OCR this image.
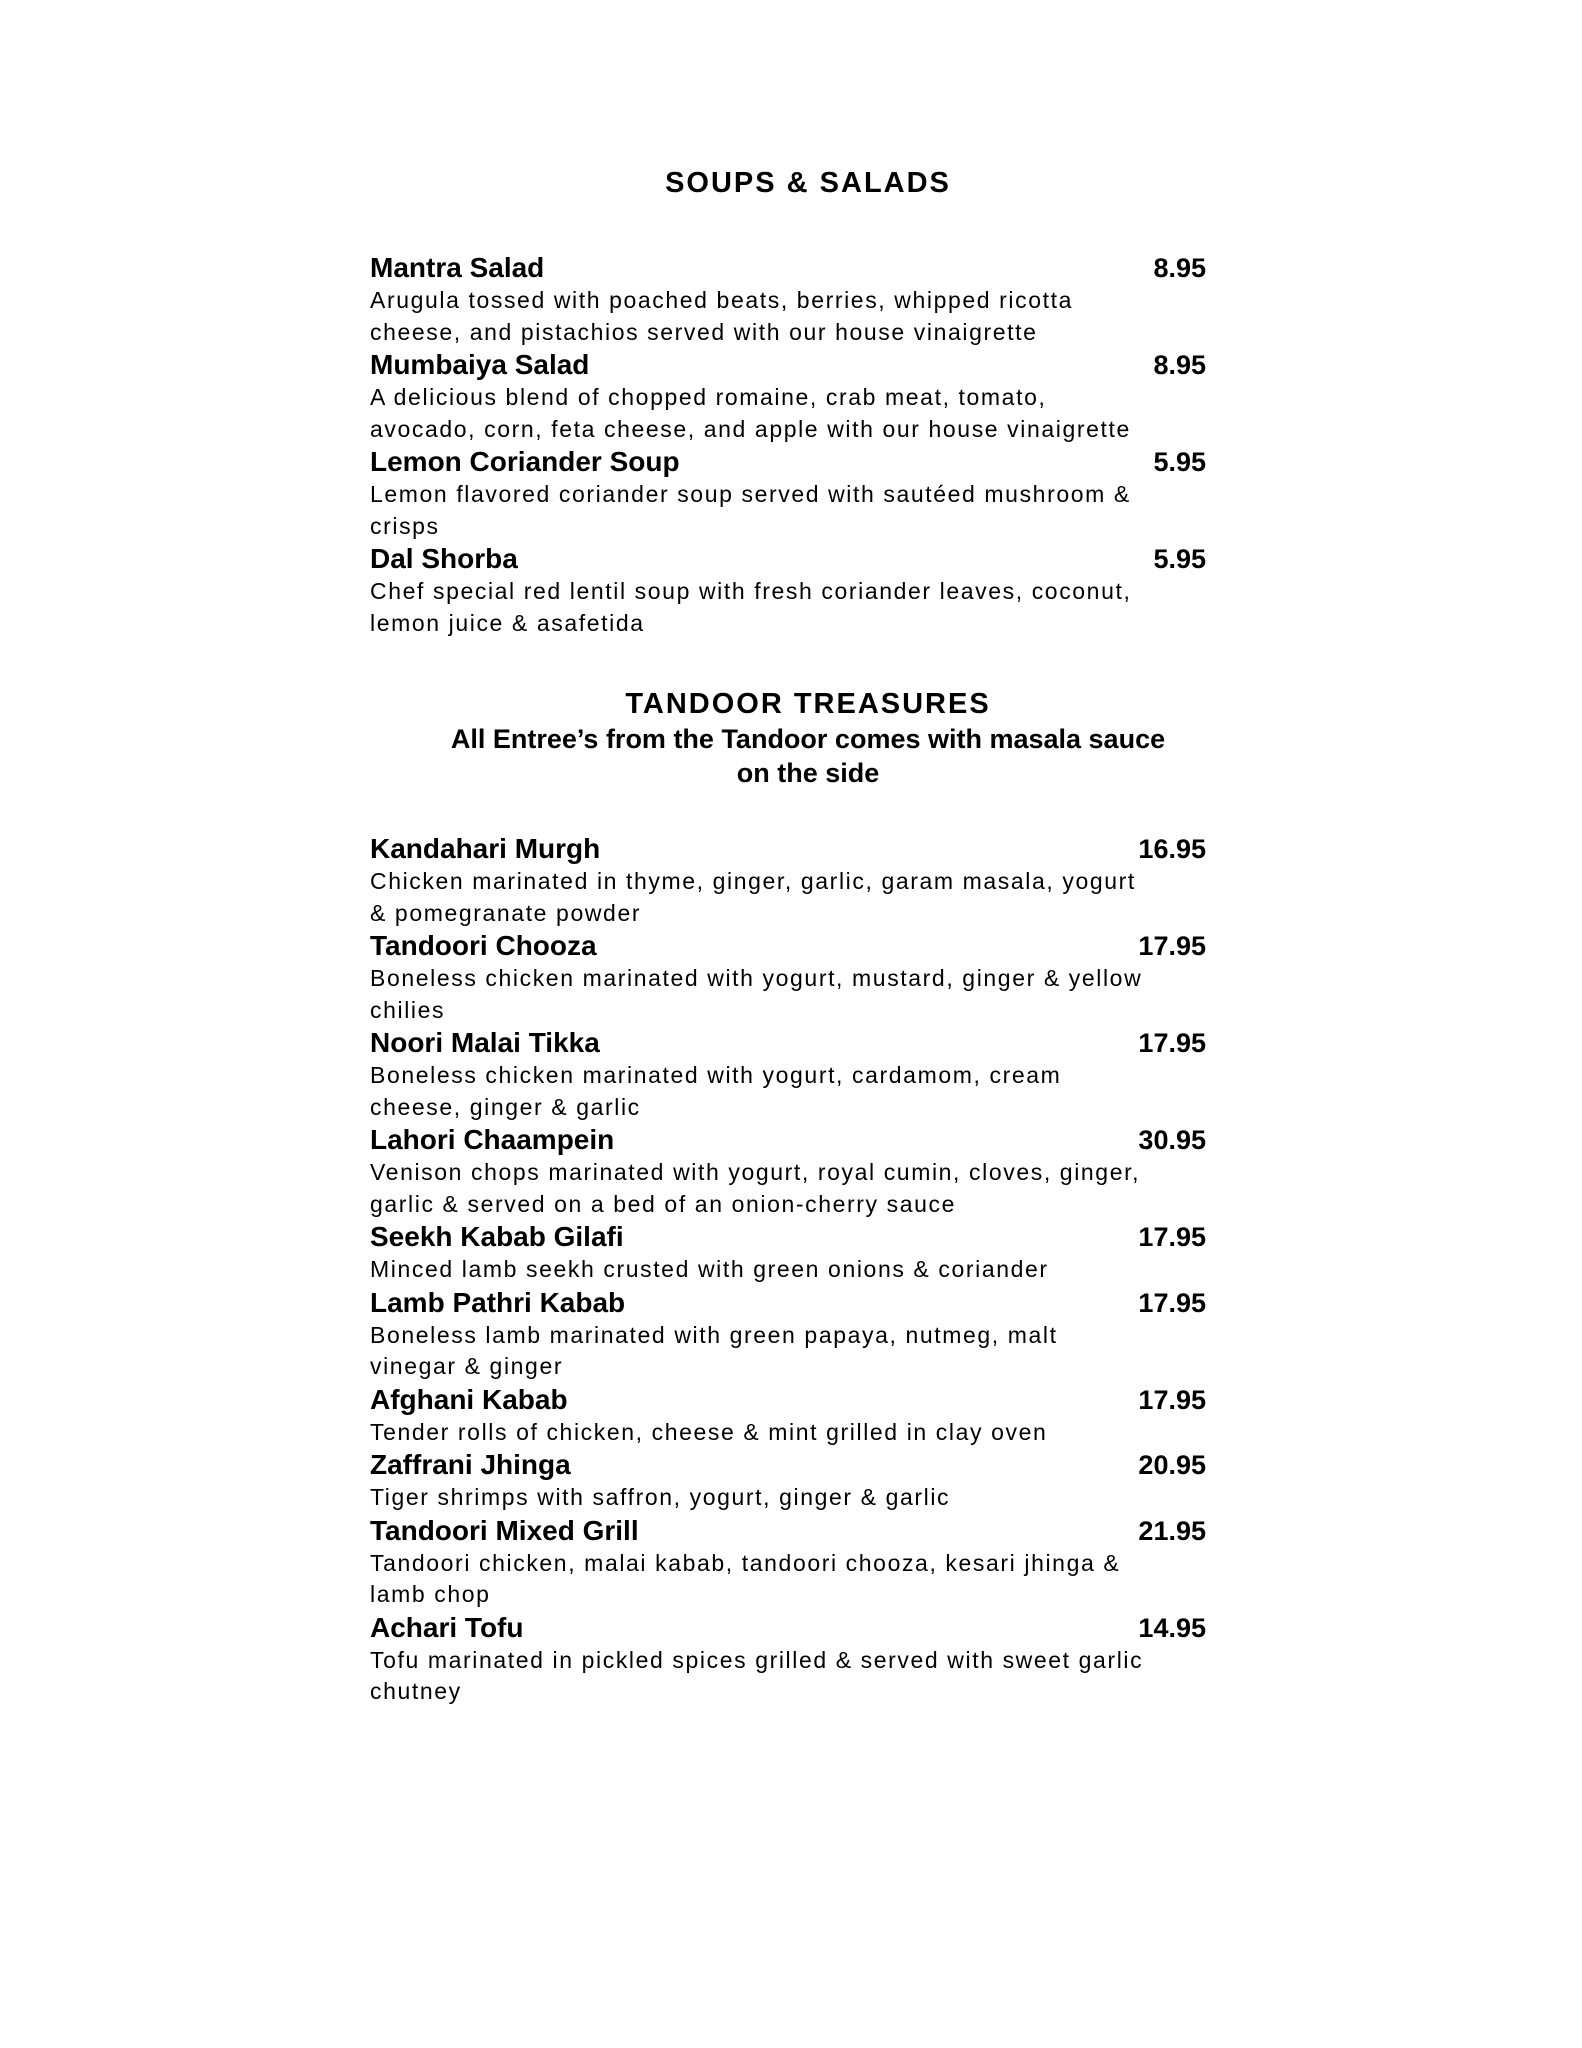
SOUPS & SALADS
Mantra Salad	8.95

Arugula tossed with poached beats, berries, whipped ricotta cheese, and pistachios served with our house vinaigrette

Mumbaiya Salad	8.95

A delicious blend of chopped romaine, crab meat, tomato, avocado, corn, feta cheese, and apple with our house vinaigrette

Lemon Coriander Soup	5.95

Lemon flavored coriander soup served with sautéed mushroom & crisps

Dal Shorba	5.95

Chef special red lentil soup with fresh coriander leaves, coconut, lemon juice & asafetida

TANDOOR TREASURES

All Entree’s from the Tandoor comes with masala sauce on the side

Kandahari Murgh	16.95

Chicken marinated in thyme, ginger, garlic, garam masala, yogurt & pomegranate powder

Tandoori Chooza	17.95

Boneless chicken marinated with yogurt, mustard, ginger & yellow chilies

Noori Malai Tikka	17.95

Boneless chicken marinated with yogurt, cardamom, cream cheese, ginger & garlic

Lahori Chaampein	30.95

Venison chops marinated with yogurt, royal cumin, cloves, ginger, garlic & served on a bed of an onion-cherry sauce

Seekh Kabab Gilafi	17.95

Minced lamb seekh crusted with green onions & coriander

Lamb Pathri Kabab	17.95

Boneless lamb marinated with green papaya, nutmeg, malt vinegar & ginger

Afghani Kabab	17.95

Tender rolls of chicken, cheese & mint grilled in clay oven

Zaffrani Jhinga	20.95

Tiger shrimps with saffron, yogurt, ginger & garlic

Tandoori Mixed Grill	21.95

Tandoori chicken, malai kabab, tandoori chooza, kesari jhinga & lamb chop

Achari Tofu	14.95

Tofu marinated in pickled spices grilled & served with sweet garlic chutney
